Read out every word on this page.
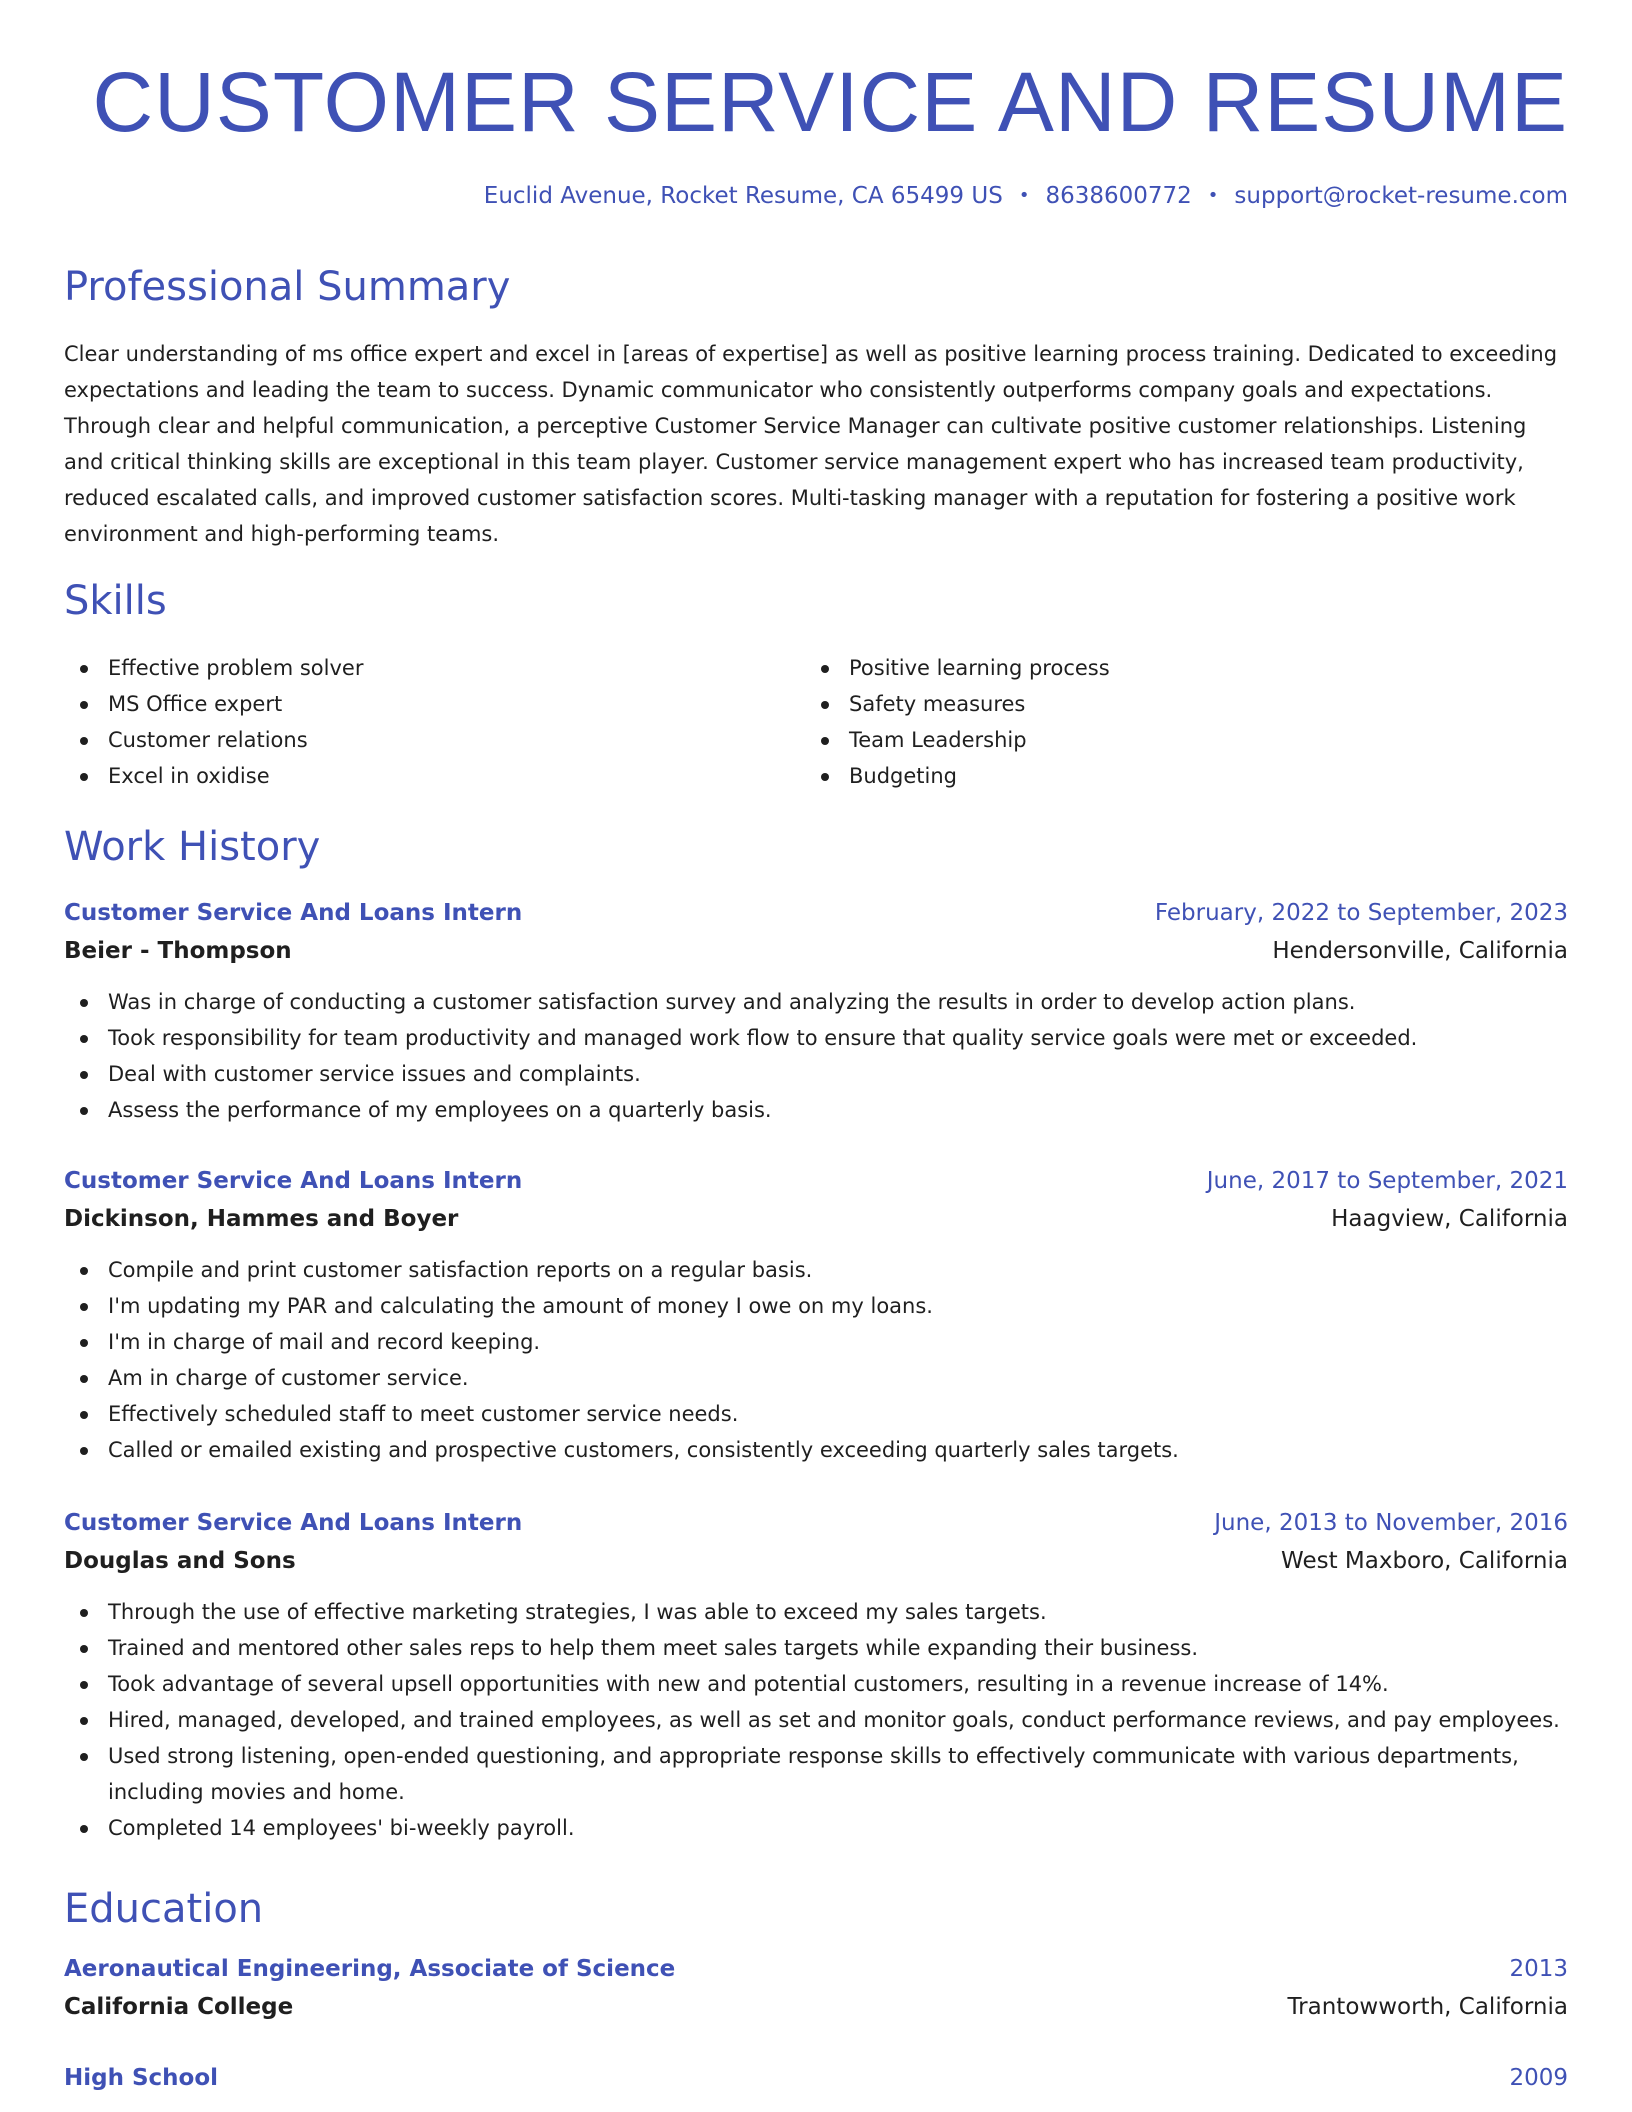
CUSTOMER SERVICE AND RESUME
Euclid Avenue, Rocket Resume, CA 65499 US • 8638600772 • support@rocket-resume.com
Professional Summary

Clear understanding of ms office expert and excel in [areas of expertise] as well as positive learning process training. Dedicated to exceeding expectations and leading the team to success. Dynamic communicator who consistently outperforms company goals and expectations. Through clear and helpful communication, a perceptive Customer Service Manager can cultivate positive customer relationships. Listening and critical thinking skills are exceptional in this team player. Customer service management expert who has increased team productivity, reduced escalated calls, and improved customer satisfaction scores. Multi-tasking manager with a reputation for fostering a positive work environment and high-performing teams.

Skills
Effective problem solver
MS Office expert
Customer relations
Excel in oxidise
Positive learning process
Safety measures
Team Leadership
Budgeting
Work History
Customer Service And Loans Intern	February, 2022 to September, 2023
Beier - Thompson	Hendersonville, California
Was in charge of conducting a customer satisfaction survey and analyzing the results in order to develop action plans.
Took responsibility for team productivity and managed work flow to ensure that quality service goals were met or exceeded.
Deal with customer service issues and complaints.
Assess the performance of my employees on a quarterly basis.
Customer Service And Loans Intern	June, 2017 to September, 2021
Dickinson, Hammes and Boyer	Haagview, California
Compile and print customer satisfaction reports on a regular basis.
I'm updating my PAR and calculating the amount of money I owe on my loans.
I'm in charge of mail and record keeping.
Am in charge of customer service.
Effectively scheduled staff to meet customer service needs.
Called or emailed existing and prospective customers, consistently exceeding quarterly sales targets.
Customer Service And Loans Intern	June, 2013 to November, 2016
Douglas and Sons	West Maxboro, California
Through the use of effective marketing strategies, I was able to exceed my sales targets.
Trained and mentored other sales reps to help them meet sales targets while expanding their business.
Took advantage of several upsell opportunities with new and potential customers, resulting in a revenue increase of 14%.
Hired, managed, developed, and trained employees, as well as set and monitor goals, conduct performance reviews, and pay employees.
Used strong listening, open-ended questioning, and appropriate response skills to effectively communicate with various departments, including movies and home.
Completed 14 employees' bi-weekly payroll.
Education
Aeronautical Engineering, Associate of Science	2013
California College	Trantowworth, California
High School	2009
